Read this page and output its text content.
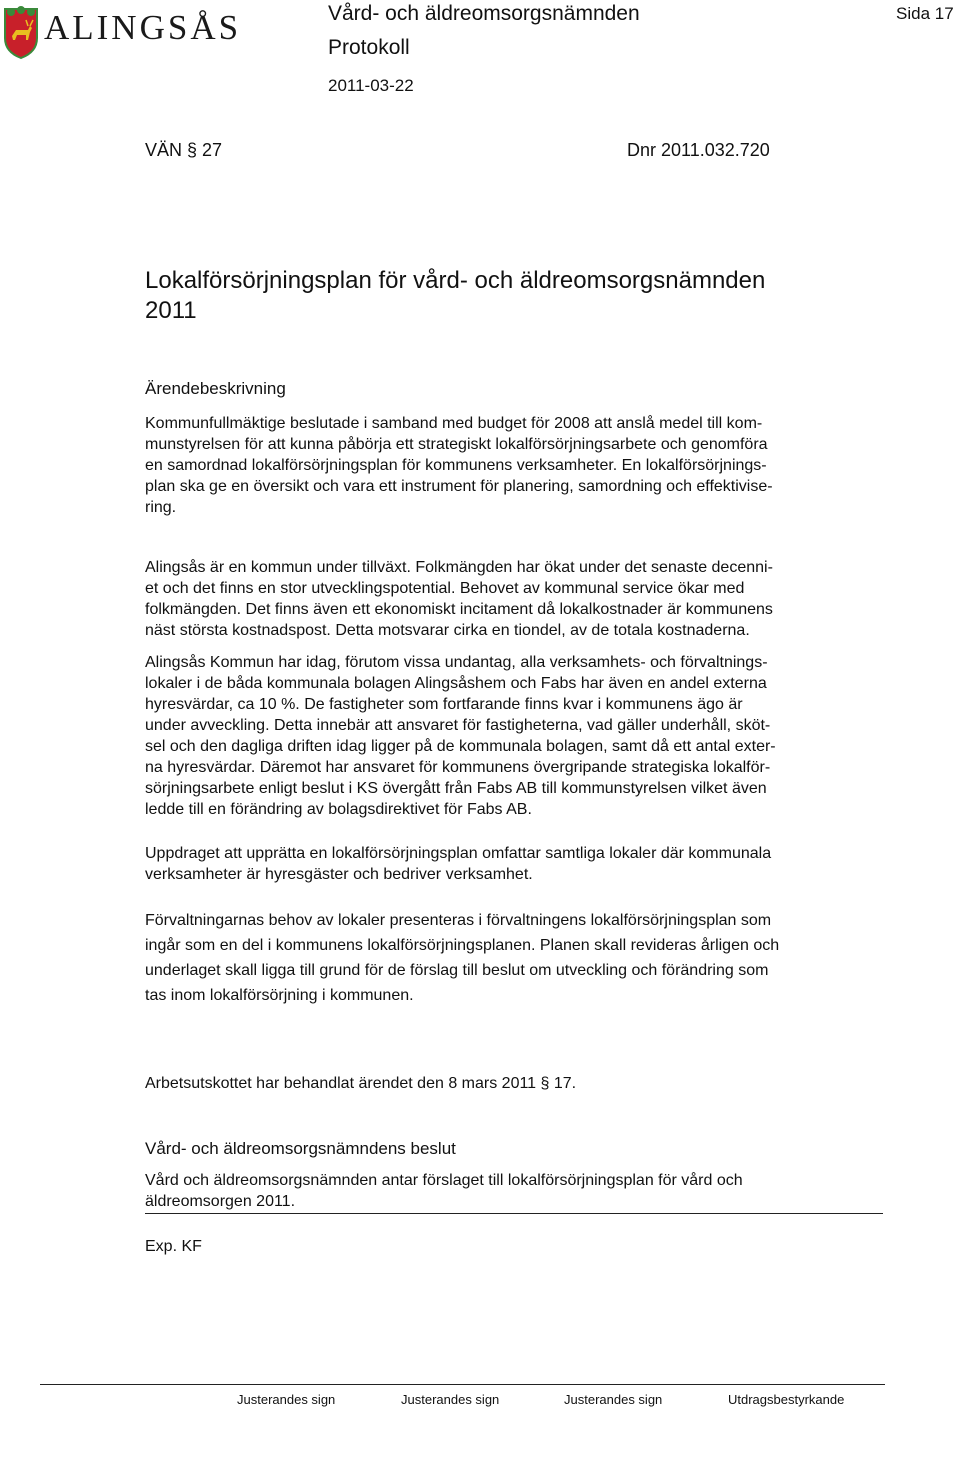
ALINGSÅS	Vård- och äldreomsorgsnämnden
Protokoll
2011-03-22
Sida 17
VÄN § 27	Dnr 2011.032.720
Lokalförsörjningsplan för vård- och äldreomsorgsnämnden
2011
Ärendebeskrivning

Kommunfullmäktige beslutade i samband med budget för 2008 att anslå medel till kom-

munstyrelsen för att kunna påbörja ett strategiskt lokalförsörjningsarbete och genomföra

en samordnad lokalförsörjningsplan för kommunens verksamheter. En lokalförsörjnings-

plan ska ge en översikt och vara ett instrument för planering, samordning och effektivise-

ring.

Alingsås är en kommun under tillväxt. Folkmängden har ökat under det senaste decenni-

et och det finns en stor utvecklingspotential. Behovet av kommunal service ökar med

folkmängden. Det finns även ett ekonomiskt incitament då lokalkostnader är kommunens

näst största kostnadspost. Detta motsvarar cirka en tiondel, av de totala kostnaderna.

Alingsås Kommun har idag, förutom vissa undantag, alla verksamhets- och förvaltnings-

lokaler i de båda kommunala bolagen Alingsåshem och Fabs har även en andel externa

hyresvärdar, ca 10 %. De fastigheter som fortfarande finns kvar i kommunens ägo är

under avveckling. Detta innebär att ansvaret för fastigheterna, vad gäller underhåll, sköt-

sel och den dagliga driften idag ligger på de kommunala bolagen, samt då ett antal exter-

na hyresvärdar. Däremot har ansvaret för kommunens övergripande strategiska lokalför-

sörjningsarbete enligt beslut i KS övergått från Fabs AB till kommunstyrelsen vilket även

ledde till en förändring av bolagsdirektivet för Fabs AB.

Uppdraget att upprätta en lokalförsörjningsplan omfattar samtliga lokaler där kommunala

verksamheter är hyresgäster och bedriver verksamhet.

Förvaltningarnas behov av lokaler presenteras i förvaltningens lokalförsörjningsplan som

ingår som en del i kommunens lokalförsörjningsplanen. Planen skall revideras årligen och

underlaget skall ligga till grund för de förslag till beslut om utveckling och förändring som

tas inom lokalförsörjning i kommunen.

Arbetsutskottet har behandlat ärendet den 8 mars 2011 § 17.

Vård- och äldreomsorgsnämndens beslut

Vård och äldreomsorgsnämnden antar förslaget till lokalförsörjningsplan för vård och

äldreomsorgen 2011.

Exp. KF

Justerandes sign	Justerandes sign	Justerandes sign	Utdragsbestyrkande
